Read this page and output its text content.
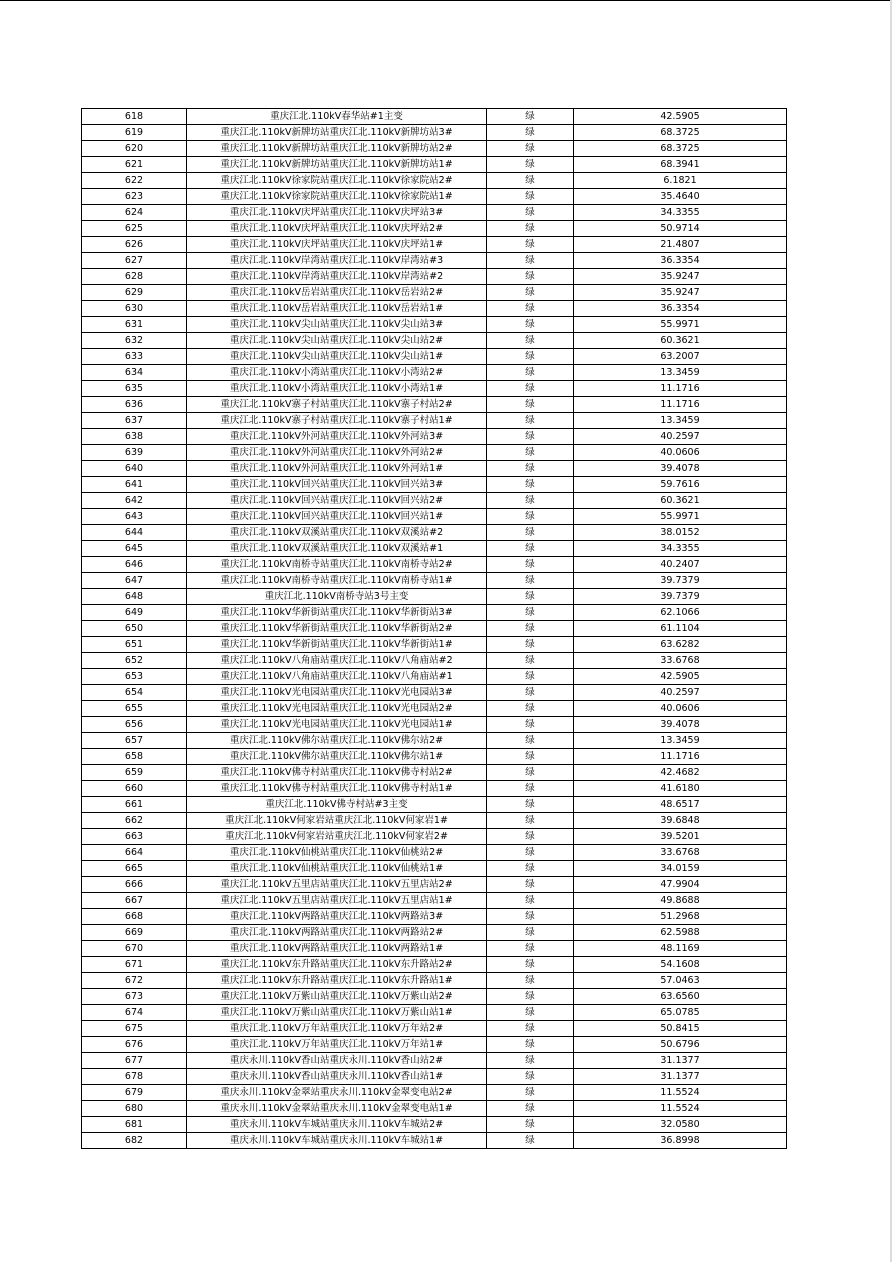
618	重庆江北.110kV春华站#1主变	绿	42.5905
619	重庆江北.110kV新牌坊站重庆江北.110kV新牌坊站3#	绿	68.3725
620	重庆江北.110kV新牌坊站重庆江北.110kV新牌坊站2#	绿	68.3725
621	重庆江北.110kV新牌坊站重庆江北.110kV新牌坊站1#	绿	68.3941
622	重庆江北.110kV徐家院站重庆江北.110kV徐家院站2#	绿	6.1821
623	重庆江北.110kV徐家院站重庆江北.110kV徐家院站1#	绿	35.4640
624	重庆江北.110kV庆坪站重庆江北.110kV庆坪站3#	绿	34.3355
625	重庆江北.110kV庆坪站重庆江北.110kV庆坪站2#	绿	50.9714
626	重庆江北.110kV庆坪站重庆江北.110kV庆坪站1#	绿	21.4807
627	重庆江北.110kV岸湾站重庆江北.110kV岸湾站#3	绿	36.3354
628	重庆江北.110kV岸湾站重庆江北.110kV岸湾站#2	绿	35.9247
629	重庆江北.110kV岳岩站重庆江北.110kV岳岩站2#	绿	35.9247
630	重庆江北.110kV岳岩站重庆江北.110kV岳岩站1#	绿	36.3354
631	重庆江北.110kV尖山站重庆江北.110kV尖山站3#	绿	55.9971
632	重庆江北.110kV尖山站重庆江北.110kV尖山站2#	绿	60.3621
633	重庆江北.110kV尖山站重庆江北.110kV尖山站1#	绿	63.2007
634	重庆江北.110kV小湾站重庆江北.110kV小湾站2#	绿	13.3459
635	重庆江北.110kV小湾站重庆江北.110kV小湾站1#	绿	11.1716
636	重庆江北.110kV寨子村站重庆江北.110kV寨子村站2#	绿	11.1716
637	重庆江北.110kV寨子村站重庆江北.110kV寨子村站1#	绿	13.3459
638	重庆江北.110kV外河站重庆江北.110kV外河站3#	绿	40.2597
639	重庆江北.110kV外河站重庆江北.110kV外河站2#	绿	40.0606
640	重庆江北.110kV外河站重庆江北.110kV外河站1#	绿	39.4078
641	重庆江北.110kV回兴站重庆江北.110kV回兴站3#	绿	59.7616
642	重庆江北.110kV回兴站重庆江北.110kV回兴站2#	绿	60.3621
643	重庆江北.110kV回兴站重庆江北.110kV回兴站1#	绿	55.9971
644	重庆江北.110kV双溪站重庆江北.110kV双溪站#2	绿	38.0152
645	重庆江北.110kV双溪站重庆江北.110kV双溪站#1	绿	34.3355
646	重庆江北.110kV南桥寺站重庆江北.110kV南桥寺站2#	绿	40.2407
647	重庆江北.110kV南桥寺站重庆江北.110kV南桥寺站1#	绿	39.7379
648	重庆江北.110kV南桥寺站3号主变	绿	39.7379
649	重庆江北.110kV华新街站重庆江北.110kV华新街站3#	绿	62.1066
650	重庆江北.110kV华新街站重庆江北.110kV华新街站2#	绿	61.1104
651	重庆江北.110kV华新街站重庆江北.110kV华新街站1#	绿	63.6282
652	重庆江北.110kV八角庙站重庆江北.110kV八角庙站#2	绿	33.6768
653	重庆江北.110kV八角庙站重庆江北.110kV八角庙站#1	绿	42.5905
654	重庆江北.110kV光电园站重庆江北.110kV光电园站3#	绿	40.2597
655	重庆江北.110kV光电园站重庆江北.110kV光电园站2#	绿	40.0606
656	重庆江北.110kV光电园站重庆江北.110kV光电园站1#	绿	39.4078
657	重庆江北.110kV佛尔站重庆江北.110kV佛尔站2#	绿	13.3459
658	重庆江北.110kV佛尔站重庆江北.110kV佛尔站1#	绿	11.1716
659	重庆江北.110kV佛寺村站重庆江北.110kV佛寺村站2#	绿	42.4682
660	重庆江北.110kV佛寺村站重庆江北.110kV佛寺村站1#	绿	41.6180
661	重庆江北.110kV佛寺村站#3主变	绿	48.6517
662	重庆江北.110kV何家岩站重庆江北.110kV何家岩1#	绿	39.6848
663	重庆江北.110kV何家岩站重庆江北.110kV何家岩2#	绿	39.5201
664	重庆江北.110kV仙桃站重庆江北.110kV仙桃站2#	绿	33.6768
665	重庆江北.110kV仙桃站重庆江北.110kV仙桃站1#	绿	34.0159
666	重庆江北.110kV五里店站重庆江北.110kV五里店站2#	绿	47.9904
667	重庆江北.110kV五里店站重庆江北.110kV五里店站1#	绿	49.8688
668	重庆江北.110kV两路站重庆江北.110kV两路站3#	绿	51.2968
669	重庆江北.110kV两路站重庆江北.110kV两路站2#	绿	62.5988
670	重庆江北.110kV两路站重庆江北.110kV两路站1#	绿	48.1169
671	重庆江北.110kV东升路站重庆江北.110kV东升路站2#	绿	54.1608
672	重庆江北.110kV东升路站重庆江北.110kV东升路站1#	绿	57.0463
673	重庆江北.110kV万紫山站重庆江北.110kV万紫山站2#	绿	63.6560
674	重庆江北.110kV万紫山站重庆江北.110kV万紫山站1#	绿	65.0785
675	重庆江北.110kV万年站重庆江北.110kV万年站2#	绿	50.8415
676	重庆江北.110kV万年站重庆江北.110kV万年站1#	绿	50.6796
677	重庆永川.110kV香山站重庆永川.110kV香山站2#	绿	31.1377
678	重庆永川.110kV香山站重庆永川.110kV香山站1#	绿	31.1377
679	重庆永川.110kV金翠站重庆永川.110kV金翠变电站2#	绿	11.5524
680	重庆永川.110kV金翠站重庆永川.110kV金翠变电站1#	绿	11.5524
681	重庆永川.110kV车城站重庆永川.110kV车城站2#	绿	32.0580
682	重庆永川.110kV车城站重庆永川.110kV车城站1#	绿	36.8998
